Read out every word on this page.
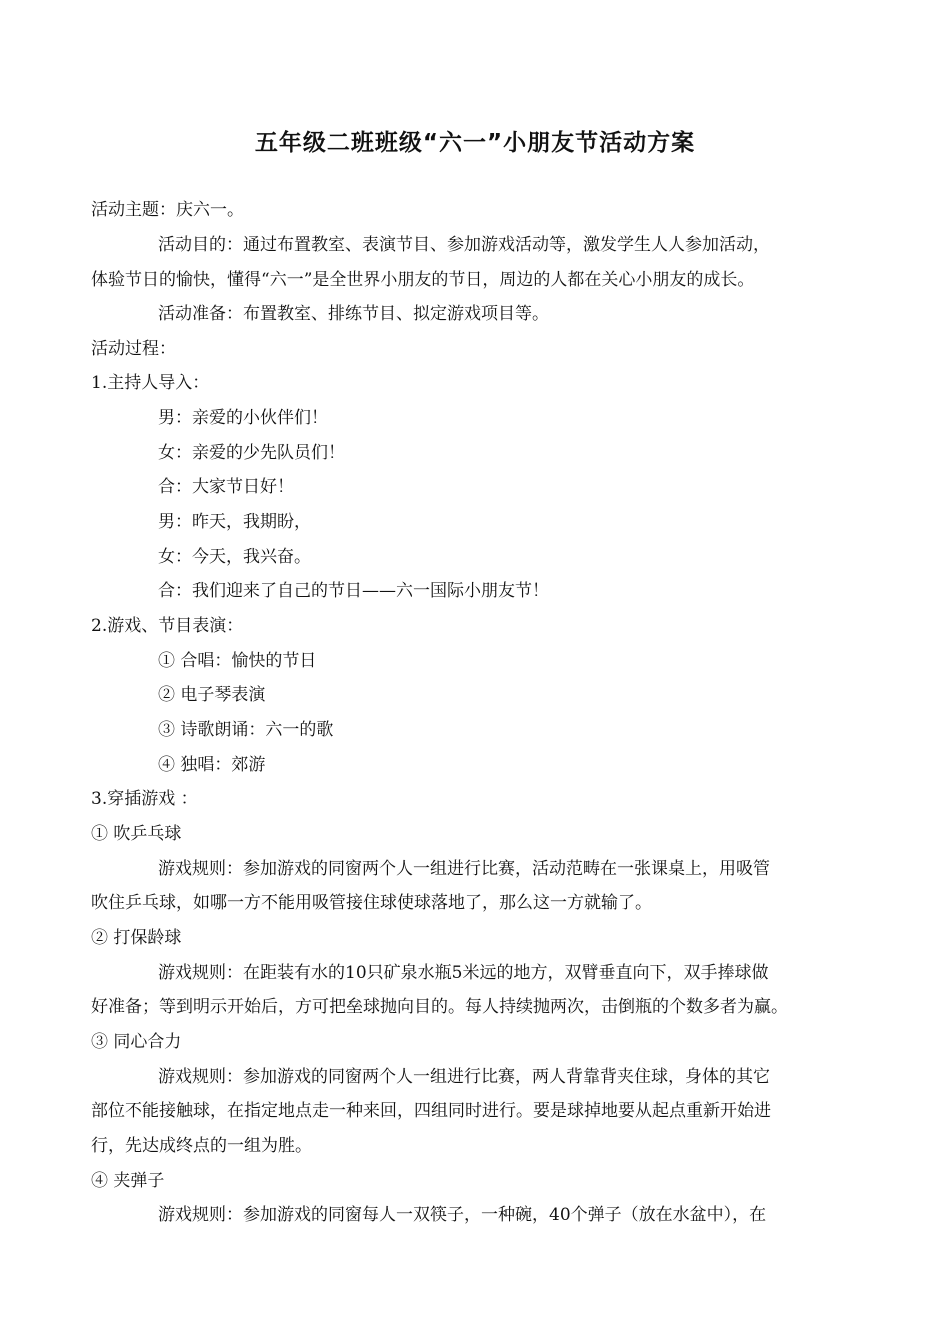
五年级二班班级“六一”小朋友节活动方案
活动主题：庆六一。
活动目的：通过布置教室、表演节目、参加游戏活动等，激发学生人人参加活动，
体验节日的愉快，懂得“六一”是全世界小朋友的节日，周边的人都在关心小朋友的成长。
活动准备：布置教室、排练节目、拟定游戏项目等。
活动过程：
1.主持人导入：
男：亲爱的小伙伴们！
女：亲爱的少先队员们！
合：大家节日好！
男：昨天，我期盼，
女：今天，我兴奋。
合：我们迎来了自己的节日——六一国际小朋友节！
2.游戏、节目表演：
① 合唱：愉快的节日
② 电子琴表演
③ 诗歌朗诵：六一的歌
④ 独唱：郊游
3.穿插游戏 ：
① 吹乒乓球
游戏规则：参加游戏的同窗两个人一组进行比赛，活动范畴在一张课桌上，用吸管
吹住乒乓球，如哪一方不能用吸管接住球使球落地了，那么这一方就输了。
② 打保龄球
游戏规则：在距装有水的10只矿泉水瓶5米远的地方，双臂垂直向下，双手捧球做
好准备；等到明示开始后，方可把垒球抛向目的。每人持续抛两次，击倒瓶的个数多者为赢。
③ 同心合力
游戏规则：参加游戏的同窗两个人一组进行比赛，两人背靠背夹住球，身体的其它
部位不能接触球，在指定地点走一种来回，四组同时进行。要是球掉地要从起点重新开始进
行，先达成终点的一组为胜。
④ 夹弹子
游戏规则：参加游戏的同窗每人一双筷子，一种碗，40个弹子（放在水盆中），在
